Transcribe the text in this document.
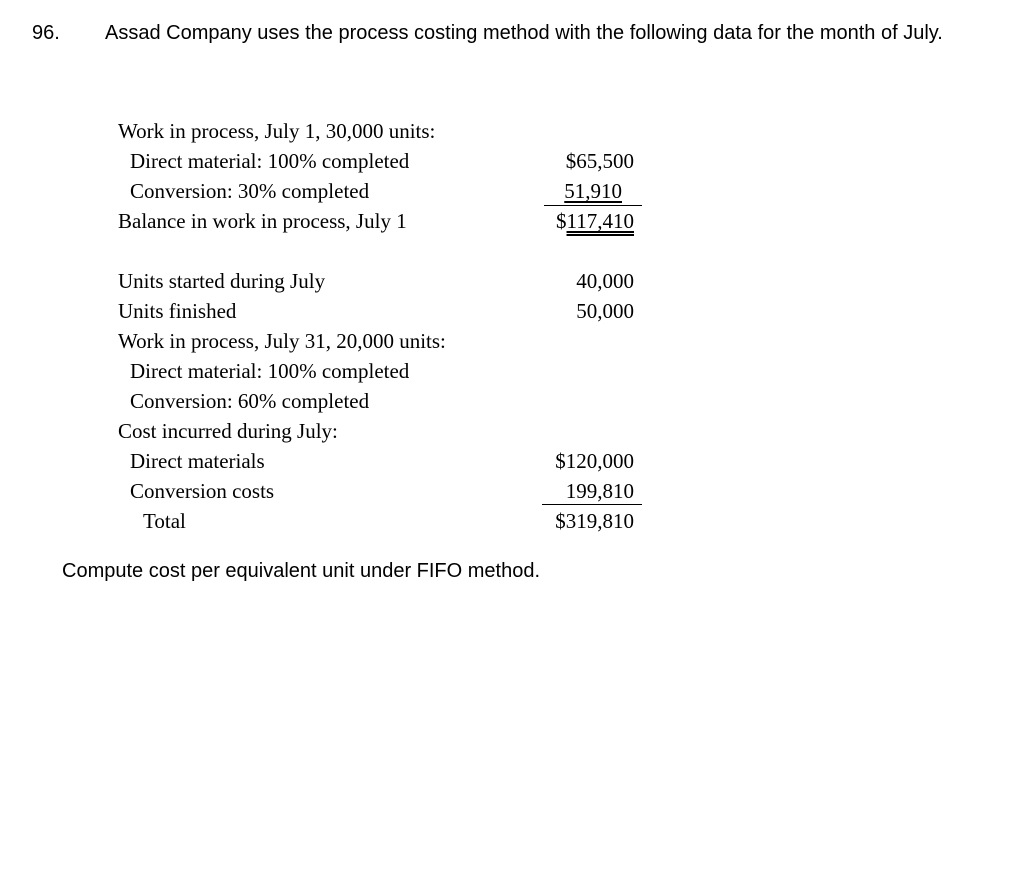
96. Assad Company uses the process costing method with the following data for the month of July.
Work in process, July 1, 30,000 units:
Direct material: 100% completed	$65,500
Conversion: 30% completed	51,910
Balance in work in process, July 1	$117,410
Units started during July	40,000
Units finished	50,000
Work in process, July 31, 20,000 units:
Direct material: 100% completed
Conversion: 60% completed
Cost incurred during July:
Direct materials	$120,000
Conversion costs	199,810
Total	$319,810
Compute cost per equivalent unit under FIFO method.
